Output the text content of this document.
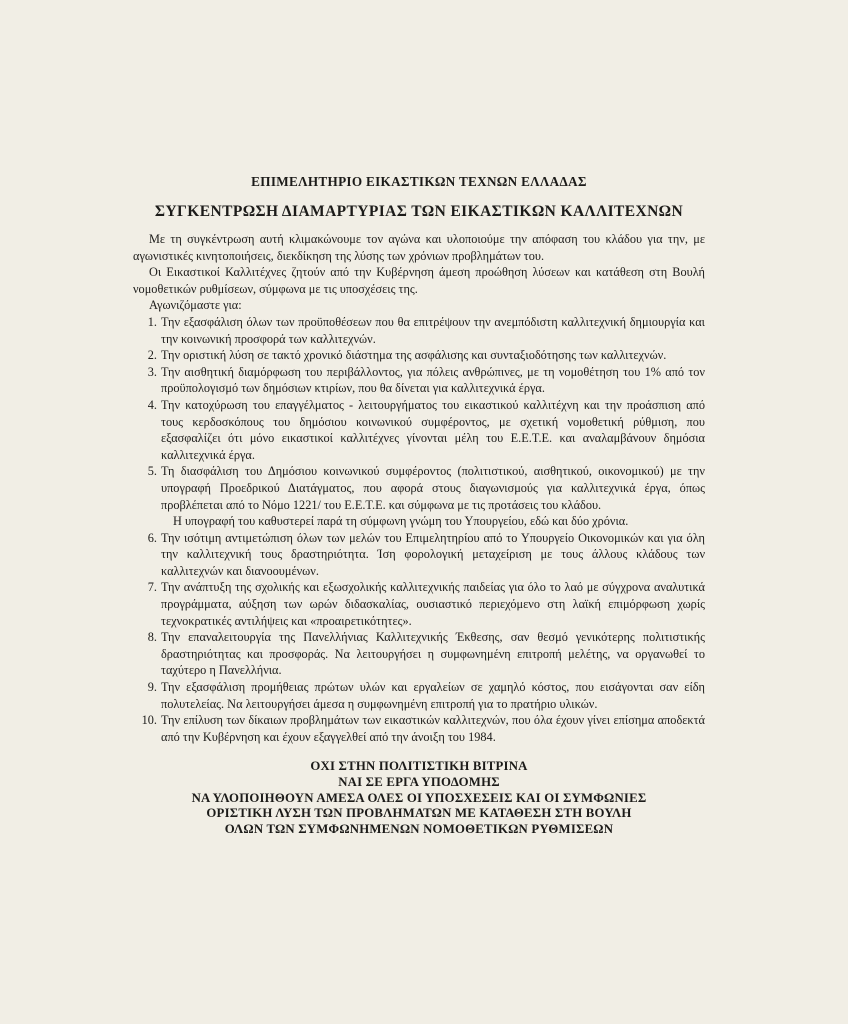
ΕΠΙΜΕΛΗΤΗΡΙΟ ΕΙΚΑΣΤΙΚΩΝ ΤΕΧΝΩΝ ΕΛΛΑΔΑΣ
ΣΥΓΚΕΝΤΡΩΣΗ ΔΙΑΜΑΡΤΥΡΙΑΣ ΤΩΝ ΕΙΚΑΣΤΙΚΩΝ ΚΑΛΛΙΤΕΧΝΩΝ

Με τη συγκέντρωση αυτή κλιμακώνουμε τον αγώνα και υλοποιούμε την απόφαση του κλάδου για την, με αγωνιστικές κινητοποιήσεις, διεκδίκηση της λύσης των χρόνιων προβλημάτων του.

Οι Εικαστικοί Καλλιτέχνες ζητούν από την Κυβέρνηση άμεση προώθηση λύσεων και κατάθεση στη Βουλή νομοθετικών ρυθμίσεων, σύμφωνα με τις υποσχέσεις της.

Αγωνιζόμαστε για:

1. Την εξασφάλιση όλων των προϋποθέσεων που θα επιτρέψουν την ανεμπόδιστη καλλιτεχνική δημιουργία και την κοινωνική προσφορά των καλλιτεχνών.
2. Την οριστική λύση σε τακτό χρονικό διάστημα της ασφάλισης και συνταξιοδότησης των καλλιτεχνών.
3. Την αισθητική διαμόρφωση του περιβάλλοντος, για πόλεις ανθρώπινες, με τη νομοθέτηση του 1% από τον προϋπολογισμό των δημόσιων κτιρίων, που θα δίνεται για καλλιτεχνικά έργα.
4. Την κατοχύρωση του επαγγέλματος - λειτουργήματος του εικαστικού καλλιτέχνη και την προάσπιση από τους κερδοσκόπους του δημόσιου κοινωνικού συμφέροντος, με σχετική νομοθετική ρύθμιση, που εξασφαλίζει ότι μόνο εικαστικοί καλλιτέχνες γίνονται μέλη του Ε.Ε.Τ.Ε. και αναλαμβάνουν δημόσια καλλιτεχνικά έργα.
5. Τη διασφάλιση του Δημόσιου κοινωνικού συμφέροντος (πολιτιστικού, αισθητικού, οικονομικού) με την υπογραφή Προεδρικού Διατάγματος, που αφορά στους διαγωνισμούς για καλλιτεχνικά έργα, όπως προβλέπεται από το Νόμο 1221/ του Ε.Ε.Τ.Ε. και σύμφωνα με τις προτάσεις του κλάδου.

Η υπογραφή του καθυστερεί παρά τη σύμφωνη γνώμη του Υπουργείου, εδώ και δύο χρόνια.

6. Την ισότιμη αντιμετώπιση όλων των μελών του Επιμελητηρίου από το Υπουργείο Οικονομικών και για όλη την καλλιτεχνική τους δραστηριότητα. Ίση φορολογική μεταχείριση με τους άλλους κλάδους των καλλιτεχνών και διανοουμένων.
7. Την ανάπτυξη της σχολικής και εξωσχολικής καλλιτεχνικής παιδείας για όλο το λαό με σύγχρονα αναλυτικά προγράμματα, αύξηση των ωρών διδασκαλίας, ουσιαστικό περιεχόμενο στη λαϊκή επιμόρφωση χωρίς τεχνοκρατικές αντιλήψεις και «προαιρετικότητες».
8. Την επαναλειτουργία της Πανελλήνιας Καλλιτεχνικής Έκθεσης, σαν θεσμό γενικότερης πολιτιστικής δραστηριότητας και προσφοράς. Να λειτουργήσει η συμφωνημένη επιτροπή μελέτης, να οργανωθεί το ταχύτερο η Πανελλήνια.
9. Την εξασφάλιση προμήθειας πρώτων υλών και εργαλείων σε χαμηλό κόστος, που εισάγονται σαν είδη πολυτελείας. Να λειτουργήσει άμεσα η συμφωνημένη επιτροπή για το πρατήριο υλικών.
10. Την επίλυση των δίκαιων προβλημάτων των εικαστικών καλλιτεχνών, που όλα έχουν γίνει επίσημα αποδεκτά από την Κυβέρνηση και έχουν εξαγγελθεί από την άνοιξη του 1984.
ΟΧΙ ΣΤΗΝ ΠΟΛΙΤΙΣΤΙΚΗ ΒΙΤΡΙΝΑ
ΝΑΙ ΣΕ ΕΡΓΑ ΥΠΟΔΟΜΗΣ
ΝΑ ΥΛΟΠΟΙΗΘΟΥΝ ΑΜΕΣΑ ΟΛΕΣ ΟΙ ΥΠΟΣΧΕΣΕΙΣ ΚΑΙ ΟΙ ΣΥΜΦΩΝΙΕΣ
ΟΡΙΣΤΙΚΗ ΛΥΣΗ ΤΩΝ ΠΡΟΒΛΗΜΑΤΩΝ ΜΕ ΚΑΤΑΘΕΣΗ ΣΤΗ ΒΟΥΛΗ
ΟΛΩΝ ΤΩΝ ΣΥΜΦΩΝΗΜΕΝΩΝ ΝΟΜΟΘΕΤΙΚΩΝ ΡΥΘΜΙΣΕΩΝ
